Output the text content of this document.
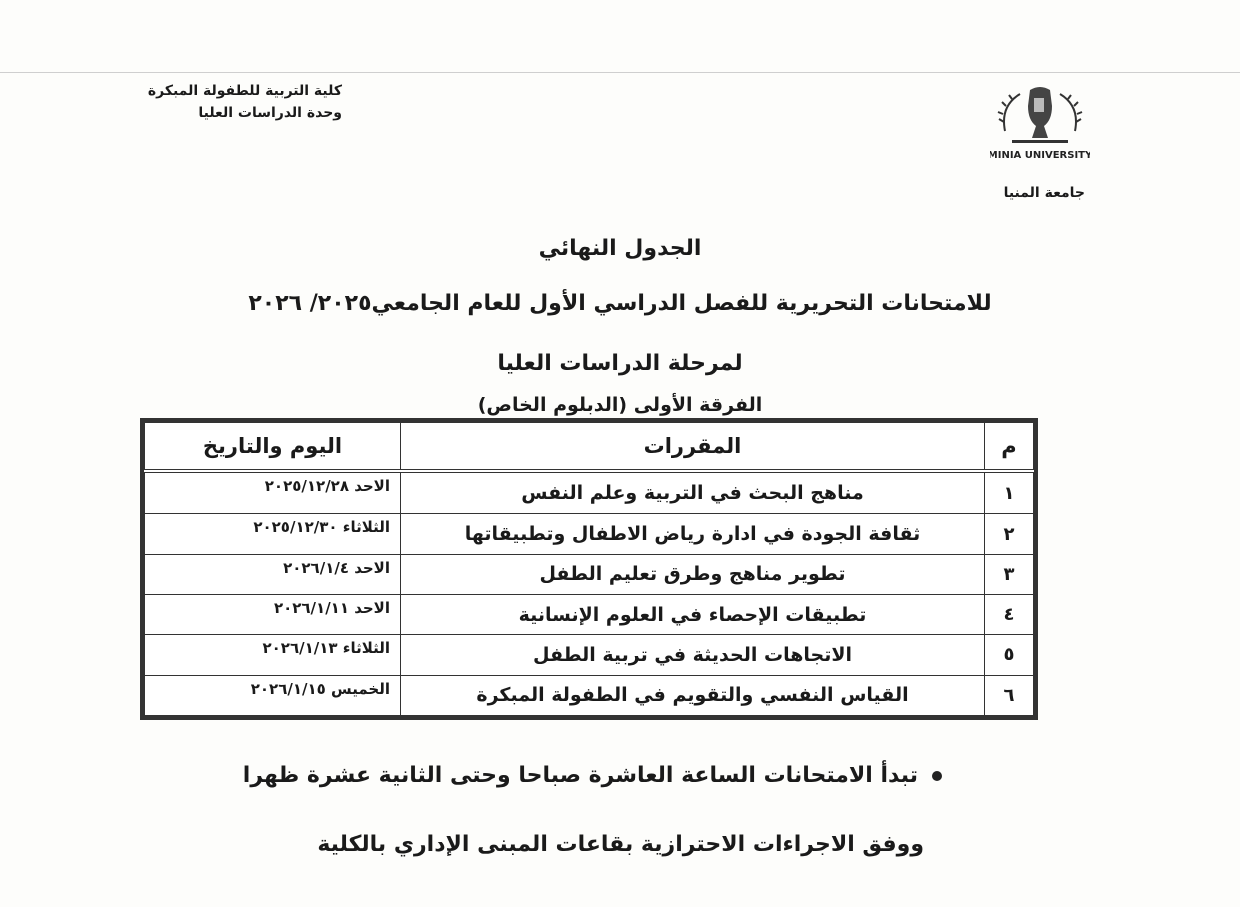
كلية التربية للطفولة المبكرة
وحدة الدراسات العليا
MINIA UNIVERSITY
جامعة المنيا
الجدول النهائي
للامتحانات التحريرية للفصل الدراسي الأول للعام الجامعي٢٠٢٥/ ٢٠٢٦
لمرحلة الدراسات العليا
الفرقة الأولى (الدبلوم الخاص)
م	المقررات	اليوم والتاريخ
١	مناهج البحث في التربية وعلم النفس	الاحد ٢٠٢٥/١٢/٢٨
٢	ثقافة الجودة في ادارة رياض الاطفال وتطبيقاتها	الثلاثاء ٢٠٢٥/١٢/٣٠
٣	تطوير مناهج وطرق تعليم الطفل	الاحد ٢٠٢٦/١/٤
٤	تطبيقات الإحصاء في العلوم الإنسانية	الاحد ٢٠٢٦/١/١١
٥	الاتجاهات الحديثة في تربية الطفل	الثلاثاء ٢٠٢٦/١/١٣
٦	القياس النفسي والتقويم في الطفولة المبكرة	الخميس ٢٠٢٦/١/١٥
تبدأ الامتحانات الساعة العاشرة صباحا وحتى الثانية عشرة ظهرا
ووفق الاجراءات الاحترازية بقاعات المبنى الإداري بالكلية
